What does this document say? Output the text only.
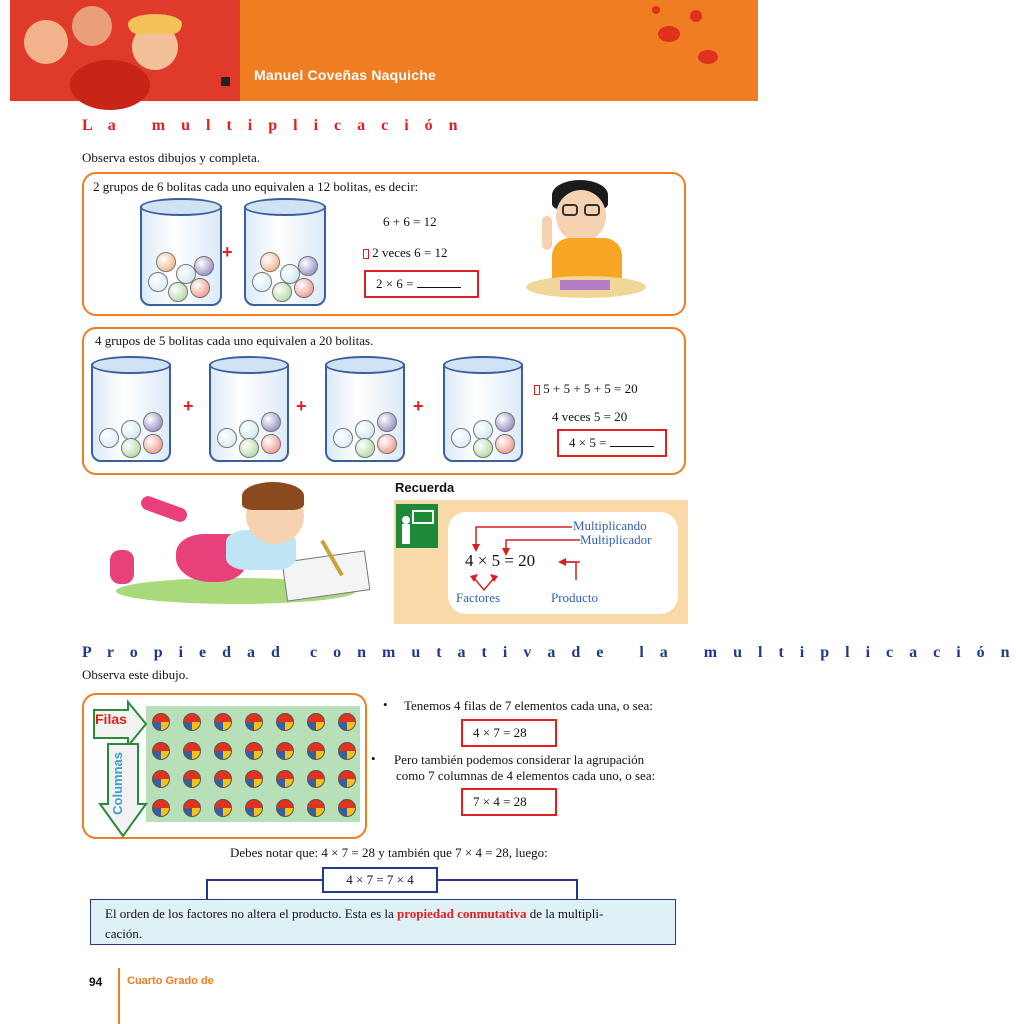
Manuel Coveñas Naquiche
L a   m u l t i p l i c a c i ó n
Observa estos dibujos y completa.
2 grupos de 6 bolitas cada uno equivalen a 12 bolitas, es decir:
+
6 + 6 = 12
2 veces 6 = 12
2 × 6 =
4 grupos de 5 bolitas cada uno equivalen a 20 bolitas.
+	+	+
5 + 5 + 5 + 5 = 20
4 veces 5 = 20
4 × 5 =
Recuerda
Multiplicando
Multiplicador
4 × 5 = 20
Factores	Producto
P r o p i e d a d c o n m u t a t i v a d e   l a   m u l t i p l i c a c i ó n
Observa este dibujo.
Filas
Columnas
• Tenemos 4 filas de 7 elementos cada una, o sea:
4 × 7 = 28
• Pero también podemos considerar la agrupación
como 7 columnas de 4 elementos cada uno, o sea:
7 × 4 = 28
Debes notar que: 4 × 7 = 28 y también que 7 × 4 = 28, luego:
4 × 7 = 7 × 4
El orden de los factores no altera el producto. Esta es la propiedad conmutativa de la multipli-
cación.
94 Cuarto Grado de
